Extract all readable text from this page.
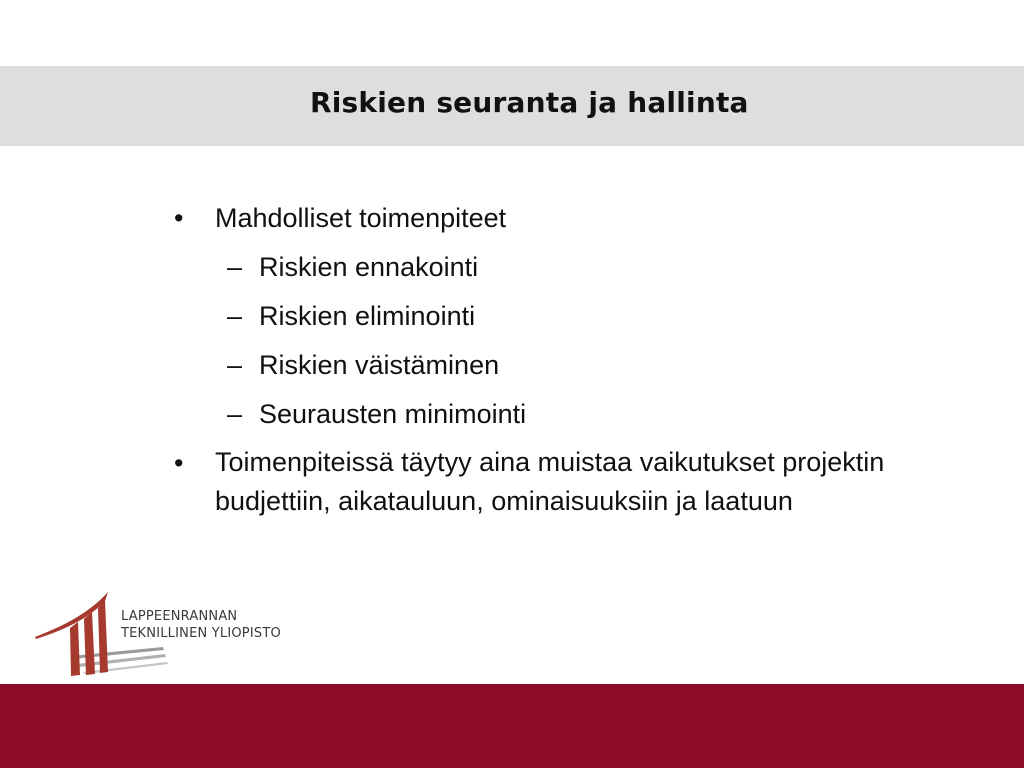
Riskien seuranta ja hallinta
• Mahdolliset toimenpiteet
– Riskien ennakointi
– Riskien eliminointi
– Riskien väistäminen
– Seurausten minimointi
• Toimenpiteissä täytyy aina muistaa vaikutukset projektin budjettiin, aikatauluun, ominaisuuksiin ja laatuun
LAPPEENRANNAN
TEKNILLINEN YLIOPISTO
